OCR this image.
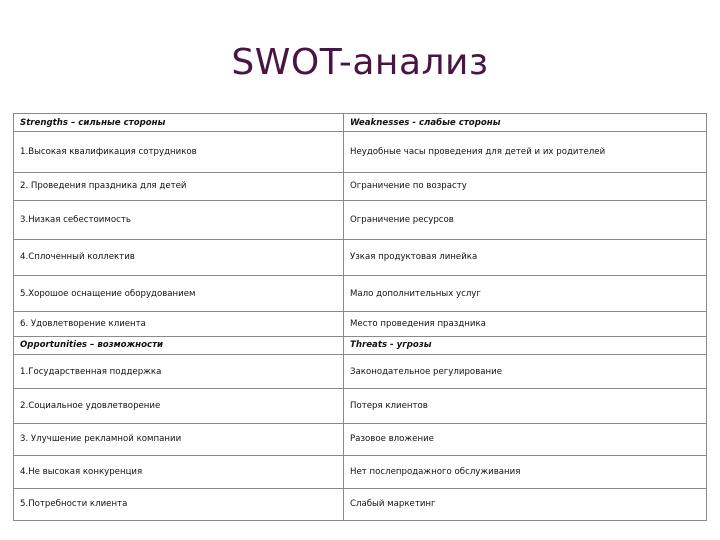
SWOT-анализ
Strengths – сильные стороны	Weaknesses - слабые стороны
1.Высокая квалификация сотрудников	Неудобные часы проведения для детей и их родителей
2. Проведения праздника для детей	Ограничение по возрасту
3.Низкая себестоимость	Ограничение ресурсов
4.Сплоченный коллектив	Узкая продуктовая линейка
5.Хорошое оснащение оборудованием	Мало дополнительных услуг
6. Удовлетворение клиента	Место проведения праздника
Opportunities – возможности	Threats - угрозы
1.Государственная поддержка	Законодательное регулирование
2.Социальное удовлетворение	Потеря клиентов
3. Улучшение рекламной компании	Разовое вложение
4.Не высокая конкуренция	Нет послепродажного обслуживания
5.Потребности клиента	Слабый маркетинг
